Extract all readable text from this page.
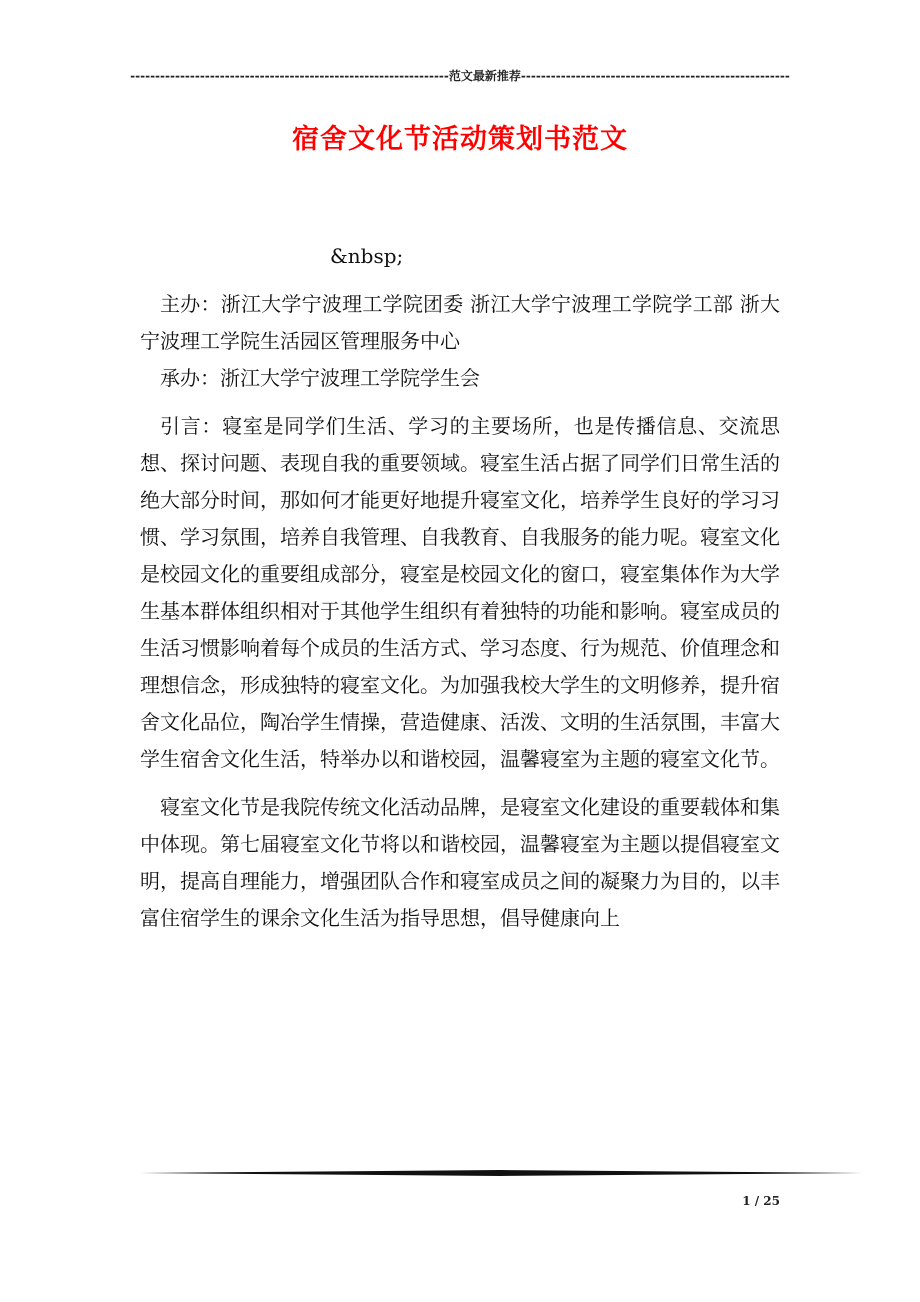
----------------------------------------------------------------范文最新推荐------------------------------------------------------
宿舍文化节活动策划书范文

&nbsp;

主办：浙江大学宁波理工学院团委 浙江大学宁波理工学院学工部 浙大宁波理工学院生活园区管理服务中心

承办：浙江大学宁波理工学院学生会

引言：寝室是同学们生活、学习的主要场所，也是传播信息、交流思想、探讨问题、表现自我的重要领域。寝室生活占据了同学们日常生活的绝大部分时间，那如何才能更好地提升寝室文化，培养学生良好的学习习惯、学习氛围，培养自我管理、自我教育、自我服务的能力呢。寝室文化是校园文化的重要组成部分，寝室是校园文化的窗口，寝室集体作为大学生基本群体组织相对于其他学生组织有着独特的功能和影响。寝室成员的生活习惯影响着每个成员的生活方式、学习态度、行为规范、价值理念和理想信念，形成独特的寝室文化。为加强我校大学生的文明修养，提升宿舍文化品位，陶冶学生情操，营造健康、活泼、文明的生活氛围，丰富大学生宿舍文化生活，特举办以和谐校园，温馨寝室为主题的寝室文化节。

寝室文化节是我院传统文化活动品牌，是寝室文化建设的重要载体和集中体现。第七届寝室文化节将以和谐校园，温馨寝室为主题以提倡寝室文明，提高自理能力，增强团队合作和寝室成员之间的凝聚力为目的，以丰富住宿学生的课余文化生活为指导思想，倡导健康向上

1 / 25
